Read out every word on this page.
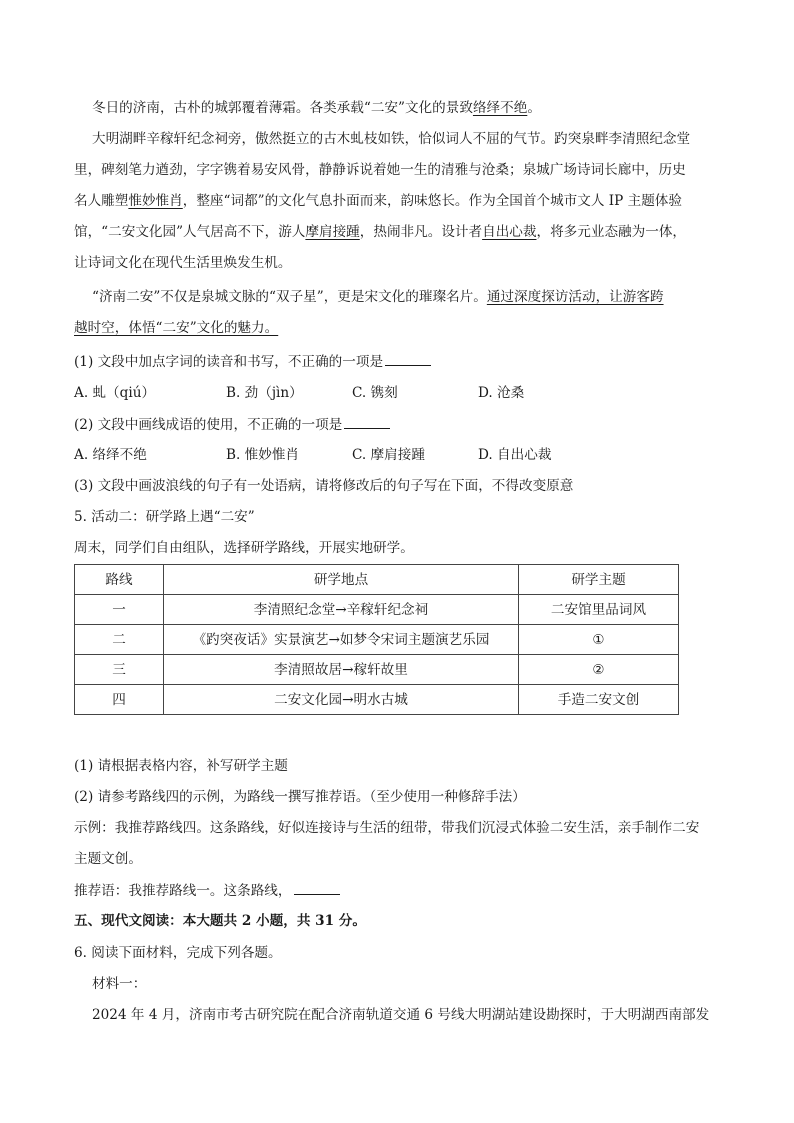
冬日的济南，古朴的城郭覆着薄霜。各类承载“二安”文化的景致络绎不绝。
大明湖畔辛稼轩纪念祠旁，傲然挺立的古木虬枝如铁，恰似词人不屈的气节。趵突泉畔李清照纪念堂
里，碑刻笔力遒劲，字字镌着易安风骨，静静诉说着她一生的清雅与沧桑；泉城广场诗词长廊中，历史
名人雕塑惟妙惟肖，整座“词都”的文化气息扑面而来，韵味悠长。作为全国首个城市文人 IP 主题体验
馆，“二安文化园”人气居高不下，游人摩肩接踵，热闹非凡。设计者自出心裁，将多元业态融为一体，
让诗词文化在现代生活里焕发生机。
“济南二安”不仅是泉城文脉的“双子星”，更是宋文化的璀璨名片。通过深度探访活动，让游客跨
越时空，体悟“二安”文化的魅力。
(1) 文段中加点字词的读音和书写，不正确的一项是
A. 虬（qiú）	B. 劲（jìn）	C. 镌刻	D. 沧桑
(2) 文段中画线成语的使用，不正确的一项是
A. 络绎不绝	B. 惟妙惟肖	C. 摩肩接踵	D. 自出心裁
(3) 文段中画波浪线的句子有一处语病，请将修改后的句子写在下面，不得改变原意
5. 活动二：研学路上遇“二安”
周末，同学们自由组队，选择研学路线，开展实地研学。
路线	研学地点	研学主题
一	李清照纪念堂→辛稼轩纪念祠	二安馆里品词风
二	《趵突夜话》实景演艺→如梦令宋词主题演艺乐园	①
三	李清照故居→稼轩故里	②
四	二安文化园→明水古城	手造二安文创
(1) 请根据表格内容，补写研学主题
(2) 请参考路线四的示例，为路线一撰写推荐语。（至少使用一种修辞手法）
示例：我推荐路线四。这条路线，好似连接诗与生活的纽带，带我们沉浸式体验二安生活，亲手制作二安
主题文创。
推荐语：我推荐路线一。这条路线，
五、现代文阅读：本大题共 2 小题，共 31 分。
6. 阅读下面材料，完成下列各题。
材料一：
2024 年 4 月，济南市考古研究院在配合济南轨道交通 6 号线大明湖站建设勘探时，于大明湖西南部发
